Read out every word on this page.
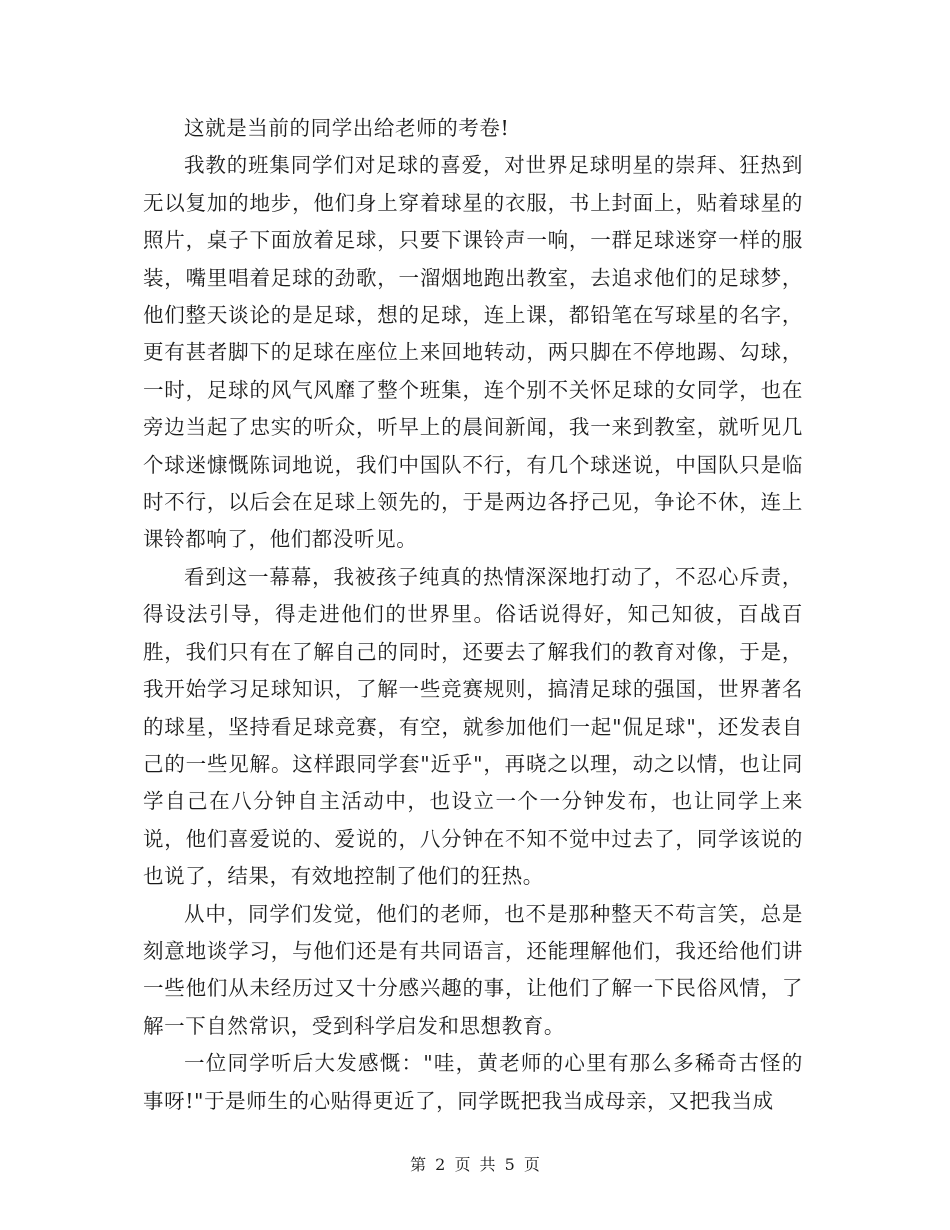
这就是当前的同学出给老师的考卷!

我教的班集同学们对足球的喜爱，对世界足球明星的崇拜、狂热到无以复加的地步，他们身上穿着球星的衣服，书上封面上，贴着球星的照片，桌子下面放着足球，只要下课铃声一响，一群足球迷穿一样的服装，嘴里唱着足球的劲歌，一溜烟地跑出教室，去追求他们的足球梦，他们整天谈论的是足球，想的足球，连上课，都铅笔在写球星的名字，更有甚者脚下的足球在座位上来回地转动，两只脚在不停地踢、勾球，一时，足球的风气风靡了整个班集，连个别不关怀足球的女同学，也在旁边当起了忠实的听众，听早上的晨间新闻，我一来到教室，就听见几个球迷慷慨陈词地说，我们中国队不行，有几个球迷说，中国队只是临时不行，以后会在足球上领先的，于是两边各抒己见，争论不休，连上课铃都响了，他们都没听见。

看到这一幕幕，我被孩子纯真的热情深深地打动了，不忍心斥责，得设法引导，得走进他们的世界里。俗话说得好，知己知彼，百战百胜，我们只有在了解自己的同时，还要去了解我们的教育对像，于是，我开始学习足球知识，了解一些竞赛规则，搞清足球的强国，世界著名的球星，坚持看足球竞赛，有空，就参加他们一起"侃足球"，还发表自己的一些见解。这样跟同学套"近乎"，再晓之以理，动之以情，也让同学自己在八分钟自主活动中，也设立一个一分钟发布，也让同学上来说，他们喜爱说的、爱说的，八分钟在不知不觉中过去了，同学该说的也说了，结果，有效地控制了他们的狂热。

从中，同学们发觉，他们的老师，也不是那种整天不苟言笑，总是刻意地谈学习，与他们还是有共同语言，还能理解他们，我还给他们讲一些他们从未经历过又十分感兴趣的事，让他们了解一下民俗风情，了解一下自然常识，受到科学启发和思想教育。

一位同学听后大发感慨："哇，黄老师的心里有那么多稀奇古怪的事呀!"于是师生的心贴得更近了，同学既把我当成母亲，又把我当成

第 2 页 共 5 页
